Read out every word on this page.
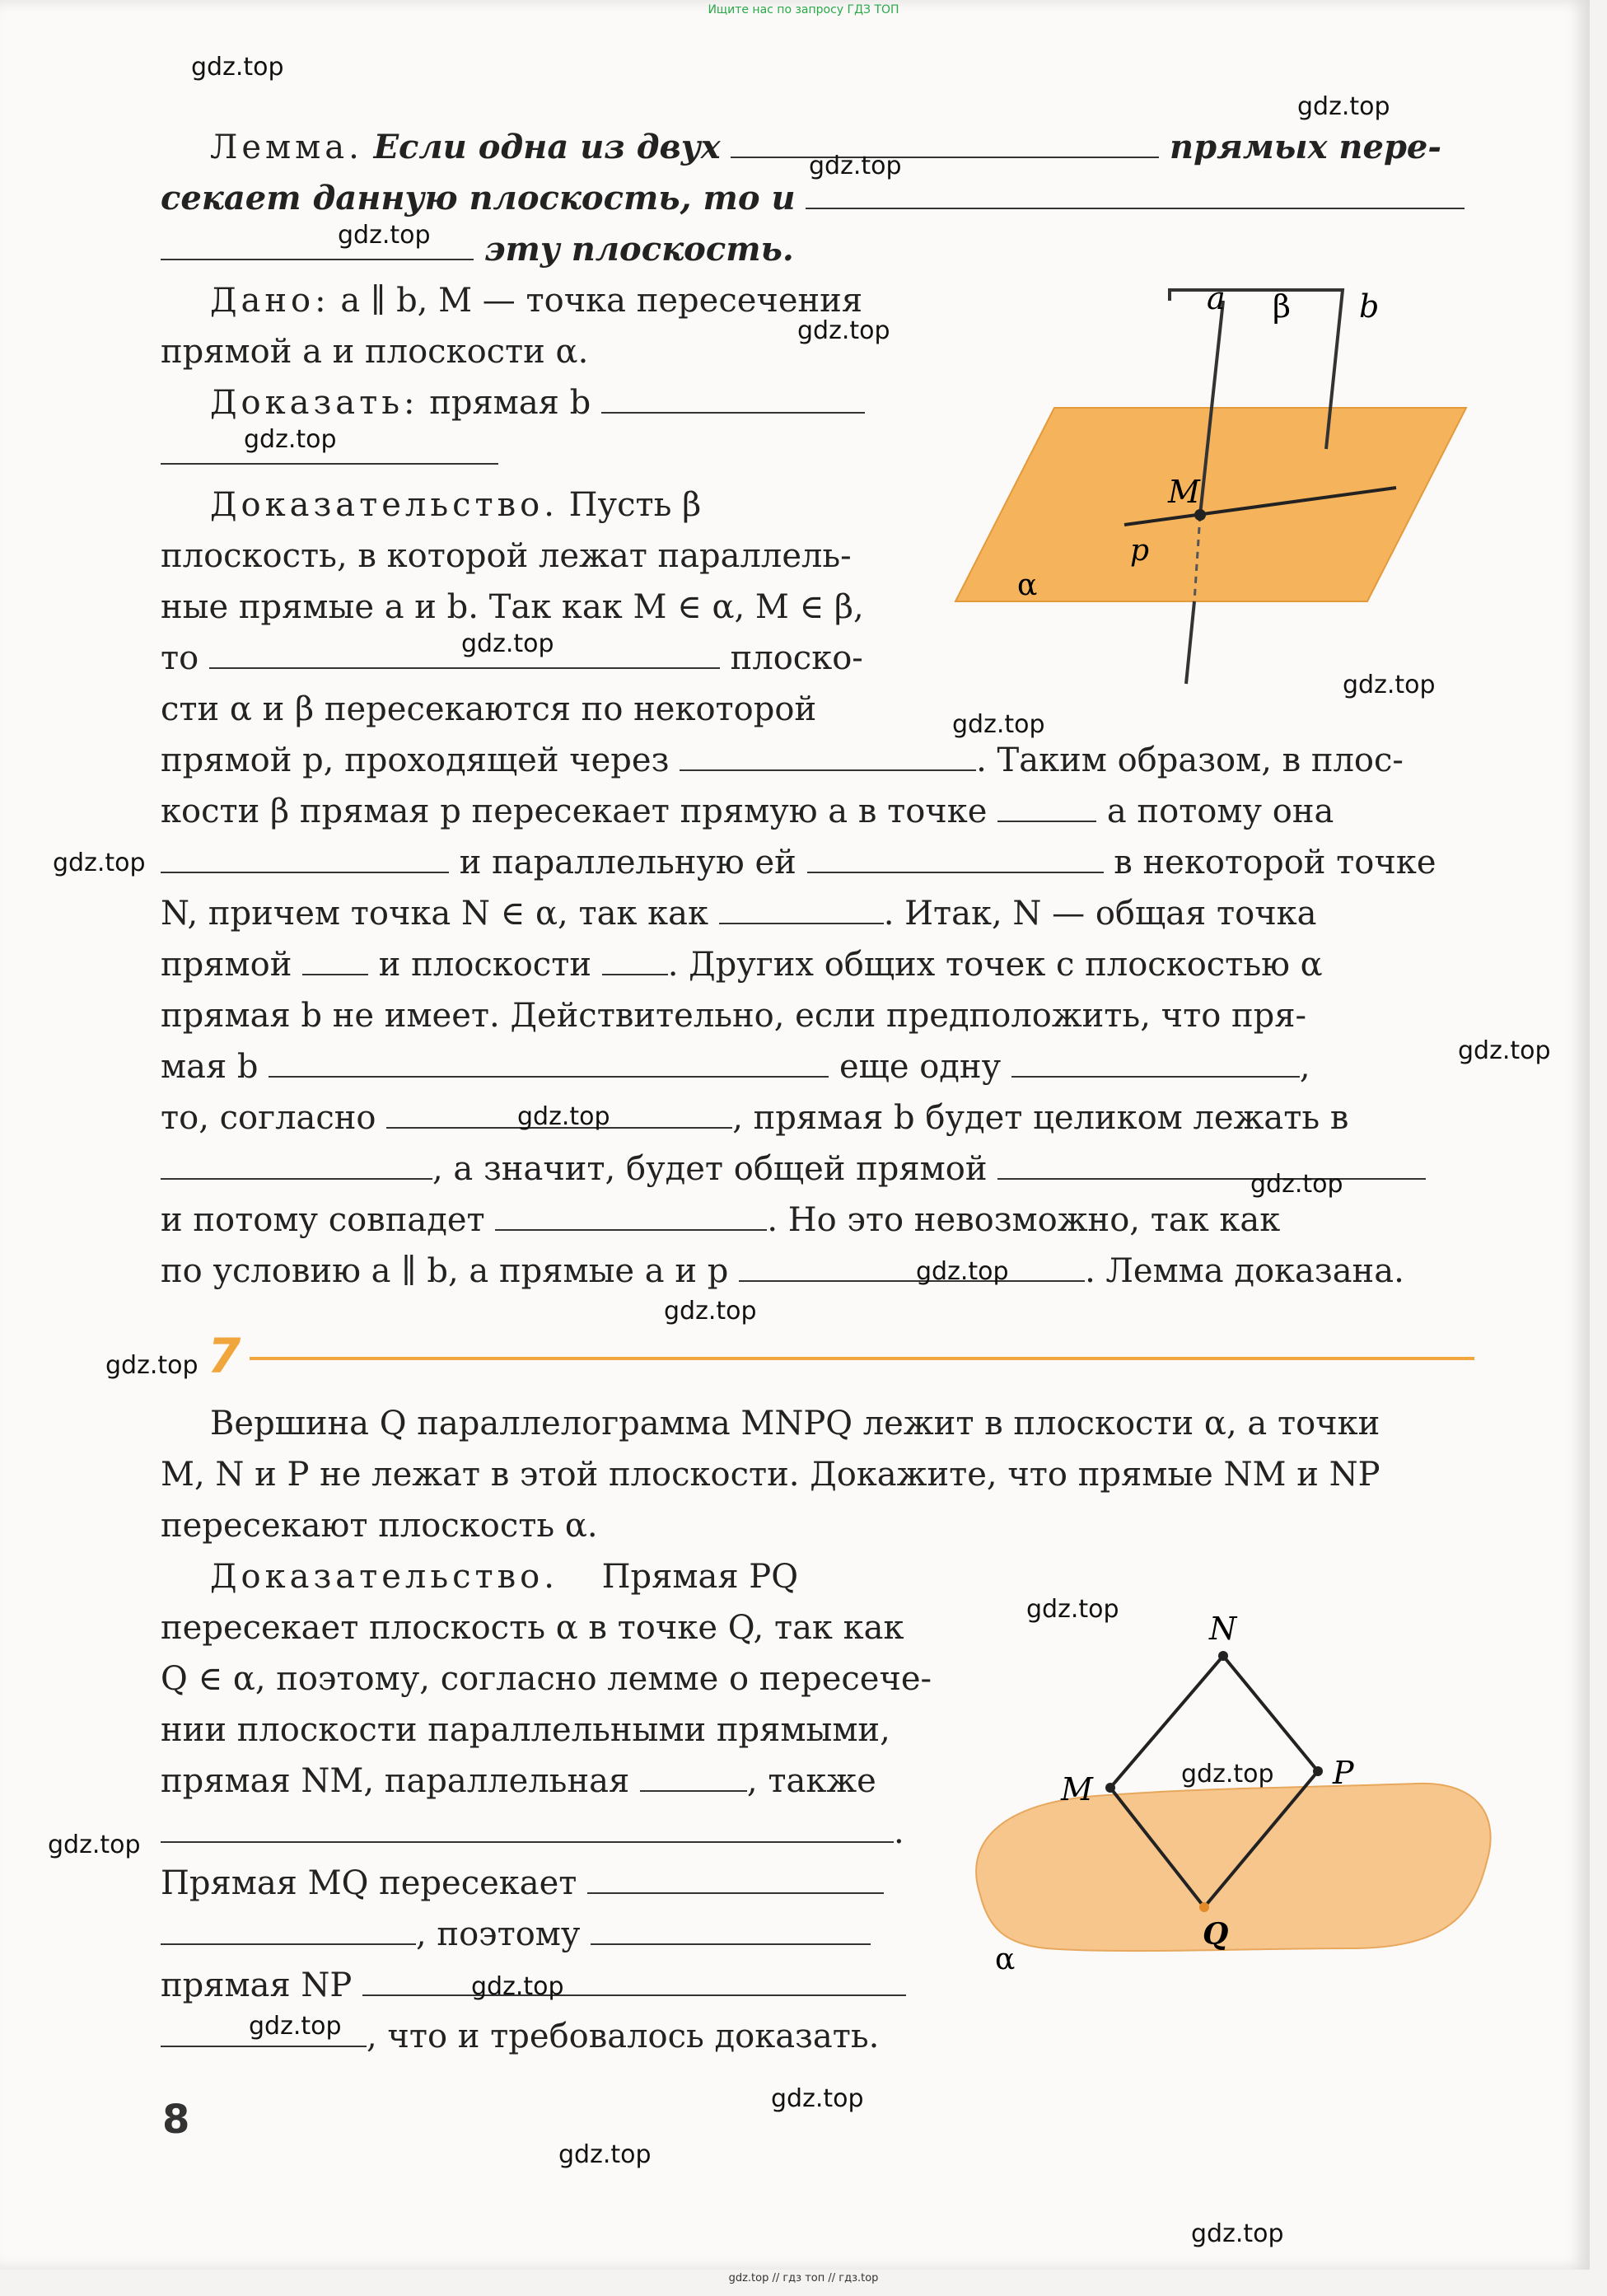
Ищите нас по запросу ГДЗ ТОП
Лемма. Если одна из двух	прямых пере-
секает данную плоскость, то и
эту плоскость.
Дано: a ∥ b, M — точка пересечения
прямой a и плоскости α.
Доказать: прямая b
Доказательство. Пусть β
плоскость, в которой лежат параллель-
ные прямые a и b. Так как M ∈ α, M ∈ β,
то	плоско-
сти α и β пересекаются по некоторой
прямой p, проходящей через	. Таким образом, в плос-
кости β прямая p пересекает прямую a в точке	а потому она
и параллельную ей	в некоторой точке
N, причем точка N ∈ α, так как	. Итак, N — общая точка
прямой	и плоскости . Других общих точек с плоскостью α
прямая b не имеет. Действительно, если предположить, что пря-
мая b	еще одну	,
то, согласно	, прямая b будет целиком лежать в
, а значит, будет общей прямой
и потому совпадет	. Но это невозможно, так как
по условию a ∥ b, а прямые a и p	. Лемма доказана.
a β b
M
p
α
7
Вершина Q параллелограмма MNPQ лежит в плоскости α, а точки
M, N и P не лежат в этой плоскости. Докажите, что прямые NM и NP
пересекают плоскость α.
Доказательство. Прямая PQ
пересекает плоскость α в точке Q, так как
Q ∈ α, поэтому, согласно лемме о пересече-
нии плоскости параллельными прямыми,
прямая NM, параллельная	, также
.
Прямая MQ пересекает
, поэтому
прямая NP
, что и требовалось доказать.
N
P
M
Q
α
8
gdz.top
gdz.top
gdz.top
gdz.top
gdz.top
gdz.top
gdz.top
gdz.top
gdz.top
gdz.top
gdz.top
gdz.top
gdz.top
gdz.top
gdz.top
gdz.top
gdz.top
gdz.top
gdz.top
gdz.top
gdz.top
gdz.top
gdz.top
gdz.top
gdz.top // гдз топ // гдз.top
